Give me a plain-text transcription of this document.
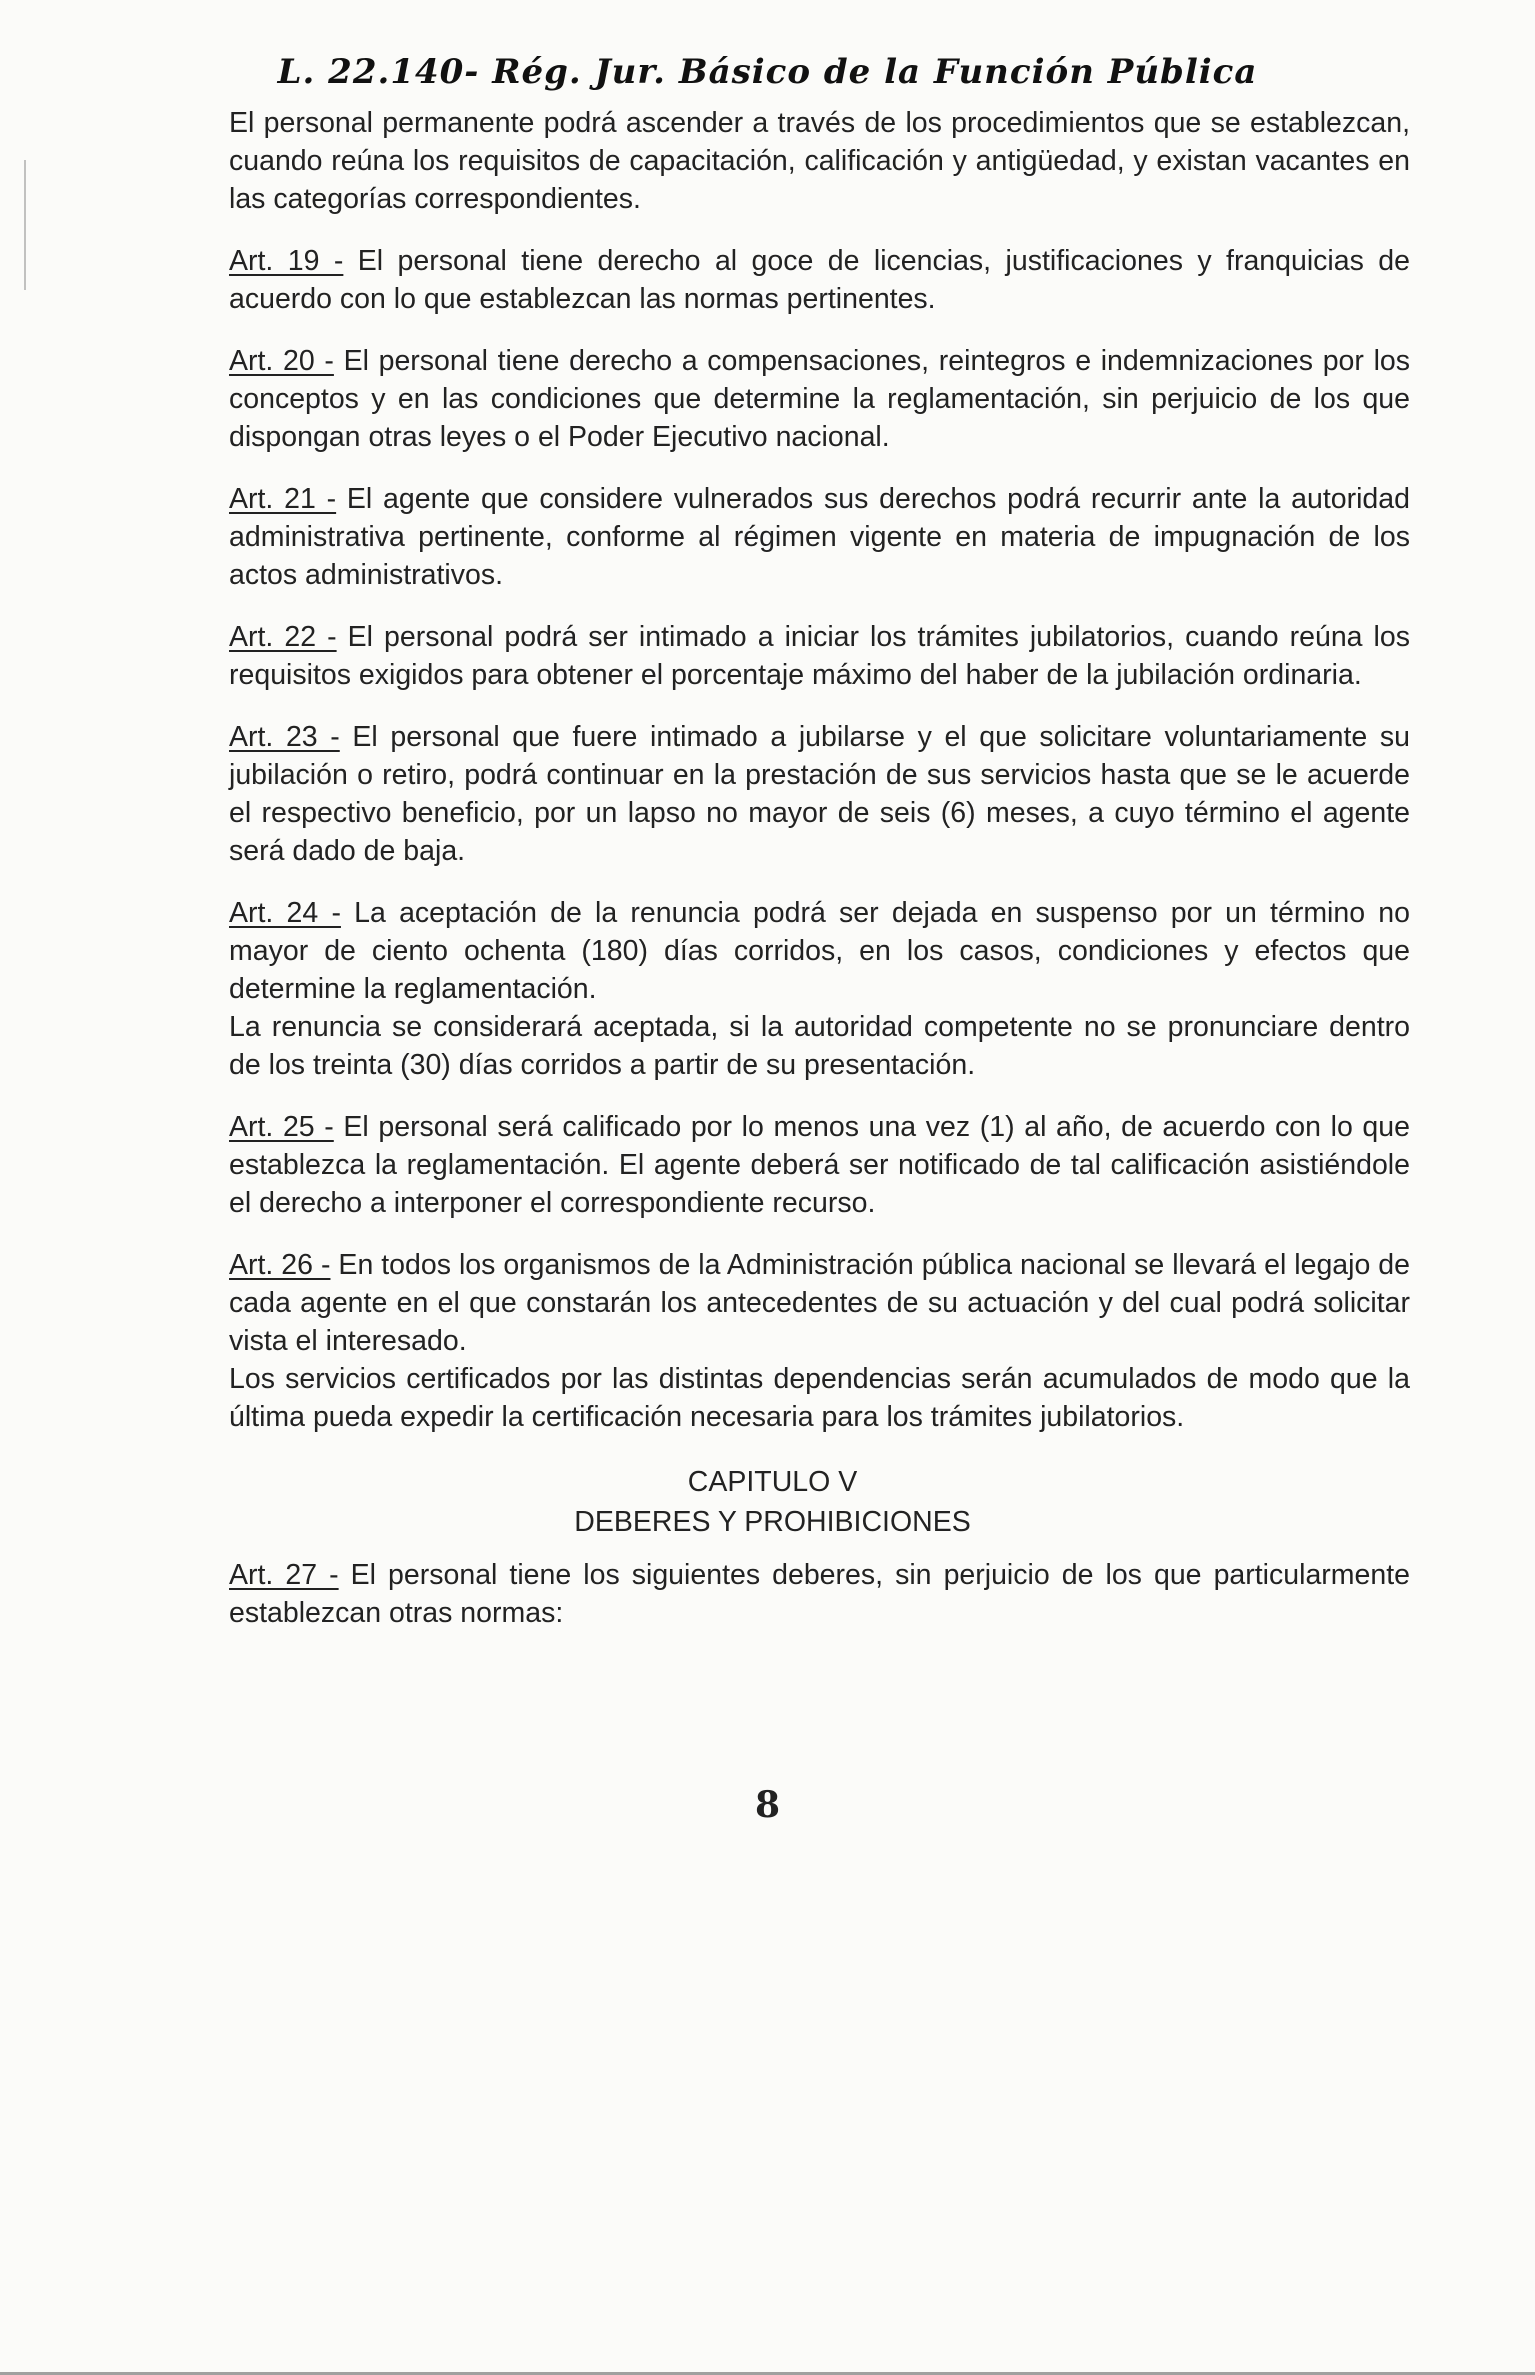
L. 22.140- Rég. Jur. Básico de la Función Pública

El personal permanente podrá ascender a través de los procedimientos que se establezcan, cuando reúna los requisitos de capacitación, calificación y antigüedad, y existan vacantes en las categorías correspondientes.

Art. 19 - El personal tiene derecho al goce de licencias, justificaciones y franquicias de acuerdo con lo que establezcan las normas pertinentes.

Art. 20 - El personal tiene derecho a compensaciones, reintegros e indemnizaciones por los conceptos y en las condiciones que determine la reglamentación, sin perjuicio de los que dispongan otras leyes o el Poder Ejecutivo nacional.

Art. 21 - El agente que considere vulnerados sus derechos podrá recurrir ante la autoridad administrativa pertinente, conforme al régimen vigente en materia de impugnación de los actos administrativos.

Art. 22 - El personal podrá ser intimado a iniciar los trámites jubilatorios, cuando reúna los requisitos exigidos para obtener el porcentaje máximo del haber de la jubilación ordinaria.

Art. 23 - El personal que fuere intimado a jubilarse y el que solicitare voluntariamente su jubilación o retiro, podrá continuar en la prestación de sus servicios hasta que se le acuerde el respectivo beneficio, por un lapso no mayor de seis (6) meses, a cuyo término el agente será dado de baja.

Art. 24 - La aceptación de la renuncia podrá ser dejada en suspenso por un término no mayor de ciento ochenta (180) días corridos, en los casos, condiciones y efectos que determine la reglamentación.

La renuncia se considerará aceptada, si la autoridad competente no se pronunciare dentro de los treinta (30) días corridos a partir de su presentación.

Art. 25 - El personal será calificado por lo menos una vez (1) al año, de acuerdo con lo que establezca la reglamentación. El agente deberá ser notificado de tal calificación asistiéndole el derecho a interponer el correspondiente recurso.

Art. 26 - En todos los organismos de la Administración pública nacional se llevará el legajo de cada agente en el que constarán los antecedentes de su actuación y del cual podrá solicitar vista el interesado.

Los servicios certificados por las distintas dependencias serán acumulados de modo que la última pueda expedir la certificación necesaria para los trámites jubilatorios.

CAPITULO V
DEBERES Y PROHIBICIONES

Art. 27 - El personal tiene los siguientes deberes, sin perjuicio de los que particularmente establezcan otras normas:

8
